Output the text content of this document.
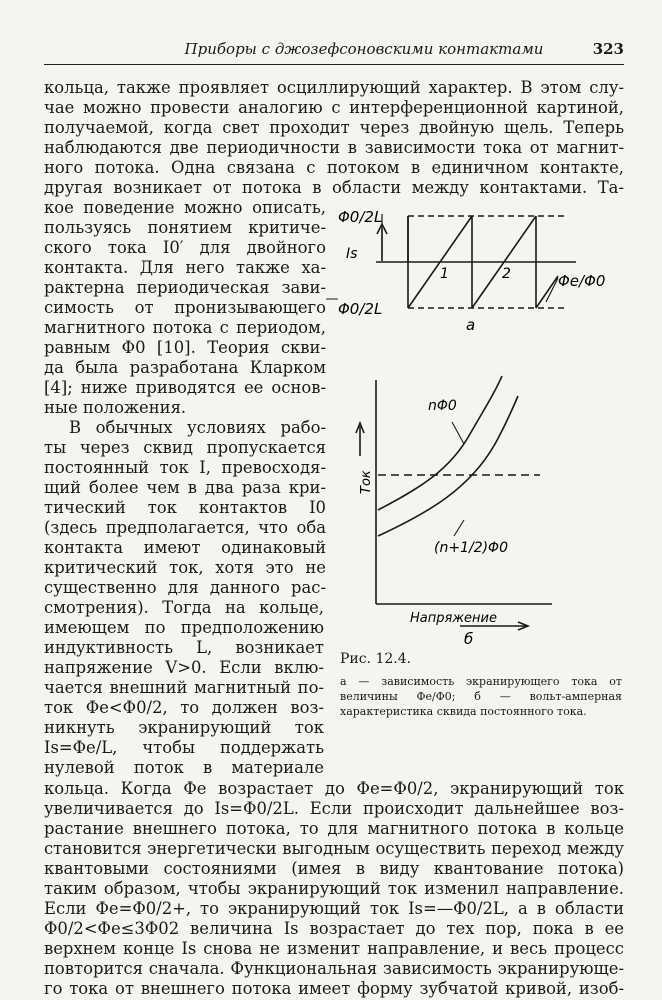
Приборы с джозефсоновскими контактами	323
кольца, также проявляет осциллирующий характер. В этом слу-
чае можно провести аналогию с интерференционной картиной,
получаемой, когда свет проходит через двойную щель. Теперь
наблюдаются две периодичности в зависимости тока от магнит-
ного потока. Одна связана с потоком в единичном контакте,
другая возникает от потока в области между контактами. Та-
кое поведение можно описать,
пользуясь понятием критиче-
ского тока I0′ для двойного
контакта. Для него также ха-
рактерна периодическая зави-
симость от пронизывающего
магнитного потока с периодом,
равным Φ0 [10]. Теория скви-
да была разработана Кларком
[4]; ниже приводятся ее основ-
ные положения.
В обычных условиях рабо-
ты через сквид пропускается
постоянный ток I, превосходя-
щий более чем в два раза кри-
тический ток контактов I0
(здесь предполагается, что оба
контакта имеют одинаковый
критический ток, хотя это не
существенно для данного рас-
смотрения). Тогда на кольце,
имеющем по предположению
индуктивность L, возникает
напряжение V>0. Если вклю-
чается внешний магнитный по-
ток Φe<Φ0/2, то должен воз-
никнуть экранирующий ток
Is=Φe/L, чтобы поддержать
нулевой поток в материале
кольца. Когда Φe возрастает до Φe=Φ0/2, экранирующий ток
увеличивается до Is=Φ0/2L. Если происходит дальнейшее воз-
растание внешнего потока, то для магнитного потока в кольце
становится энергетически выгодным осуществить переход между
квантовыми состояниями (имея в виду квантование потока)
таким образом, чтобы экранирующий ток изменил направление.
Если Φe=Φ0/2+, то экранирующий ток Is=—Φ0/2L, а в области
Φ0/2<Φe≤3Φ02 величина Is возрастает до тех пор, пока в ее
верхнем конце Is снова не изменит направление, и весь процесс
повторится сначала. Функциональная зависимость экранирующе-
го тока от внешнего потока имеет форму зубчатой кривой, изоб-
Φ0/2L
Φ0/2L
Is
Φe/Φ0
1	2
a
nΦ0
(n+1/2)Φ0
Ток
Напряжение
б
Рис. 12.4.
а — зависимость экранирующего тока от величины Φe/Φ0; б — вольт-амперная характеристика сквида постоянного тока.
